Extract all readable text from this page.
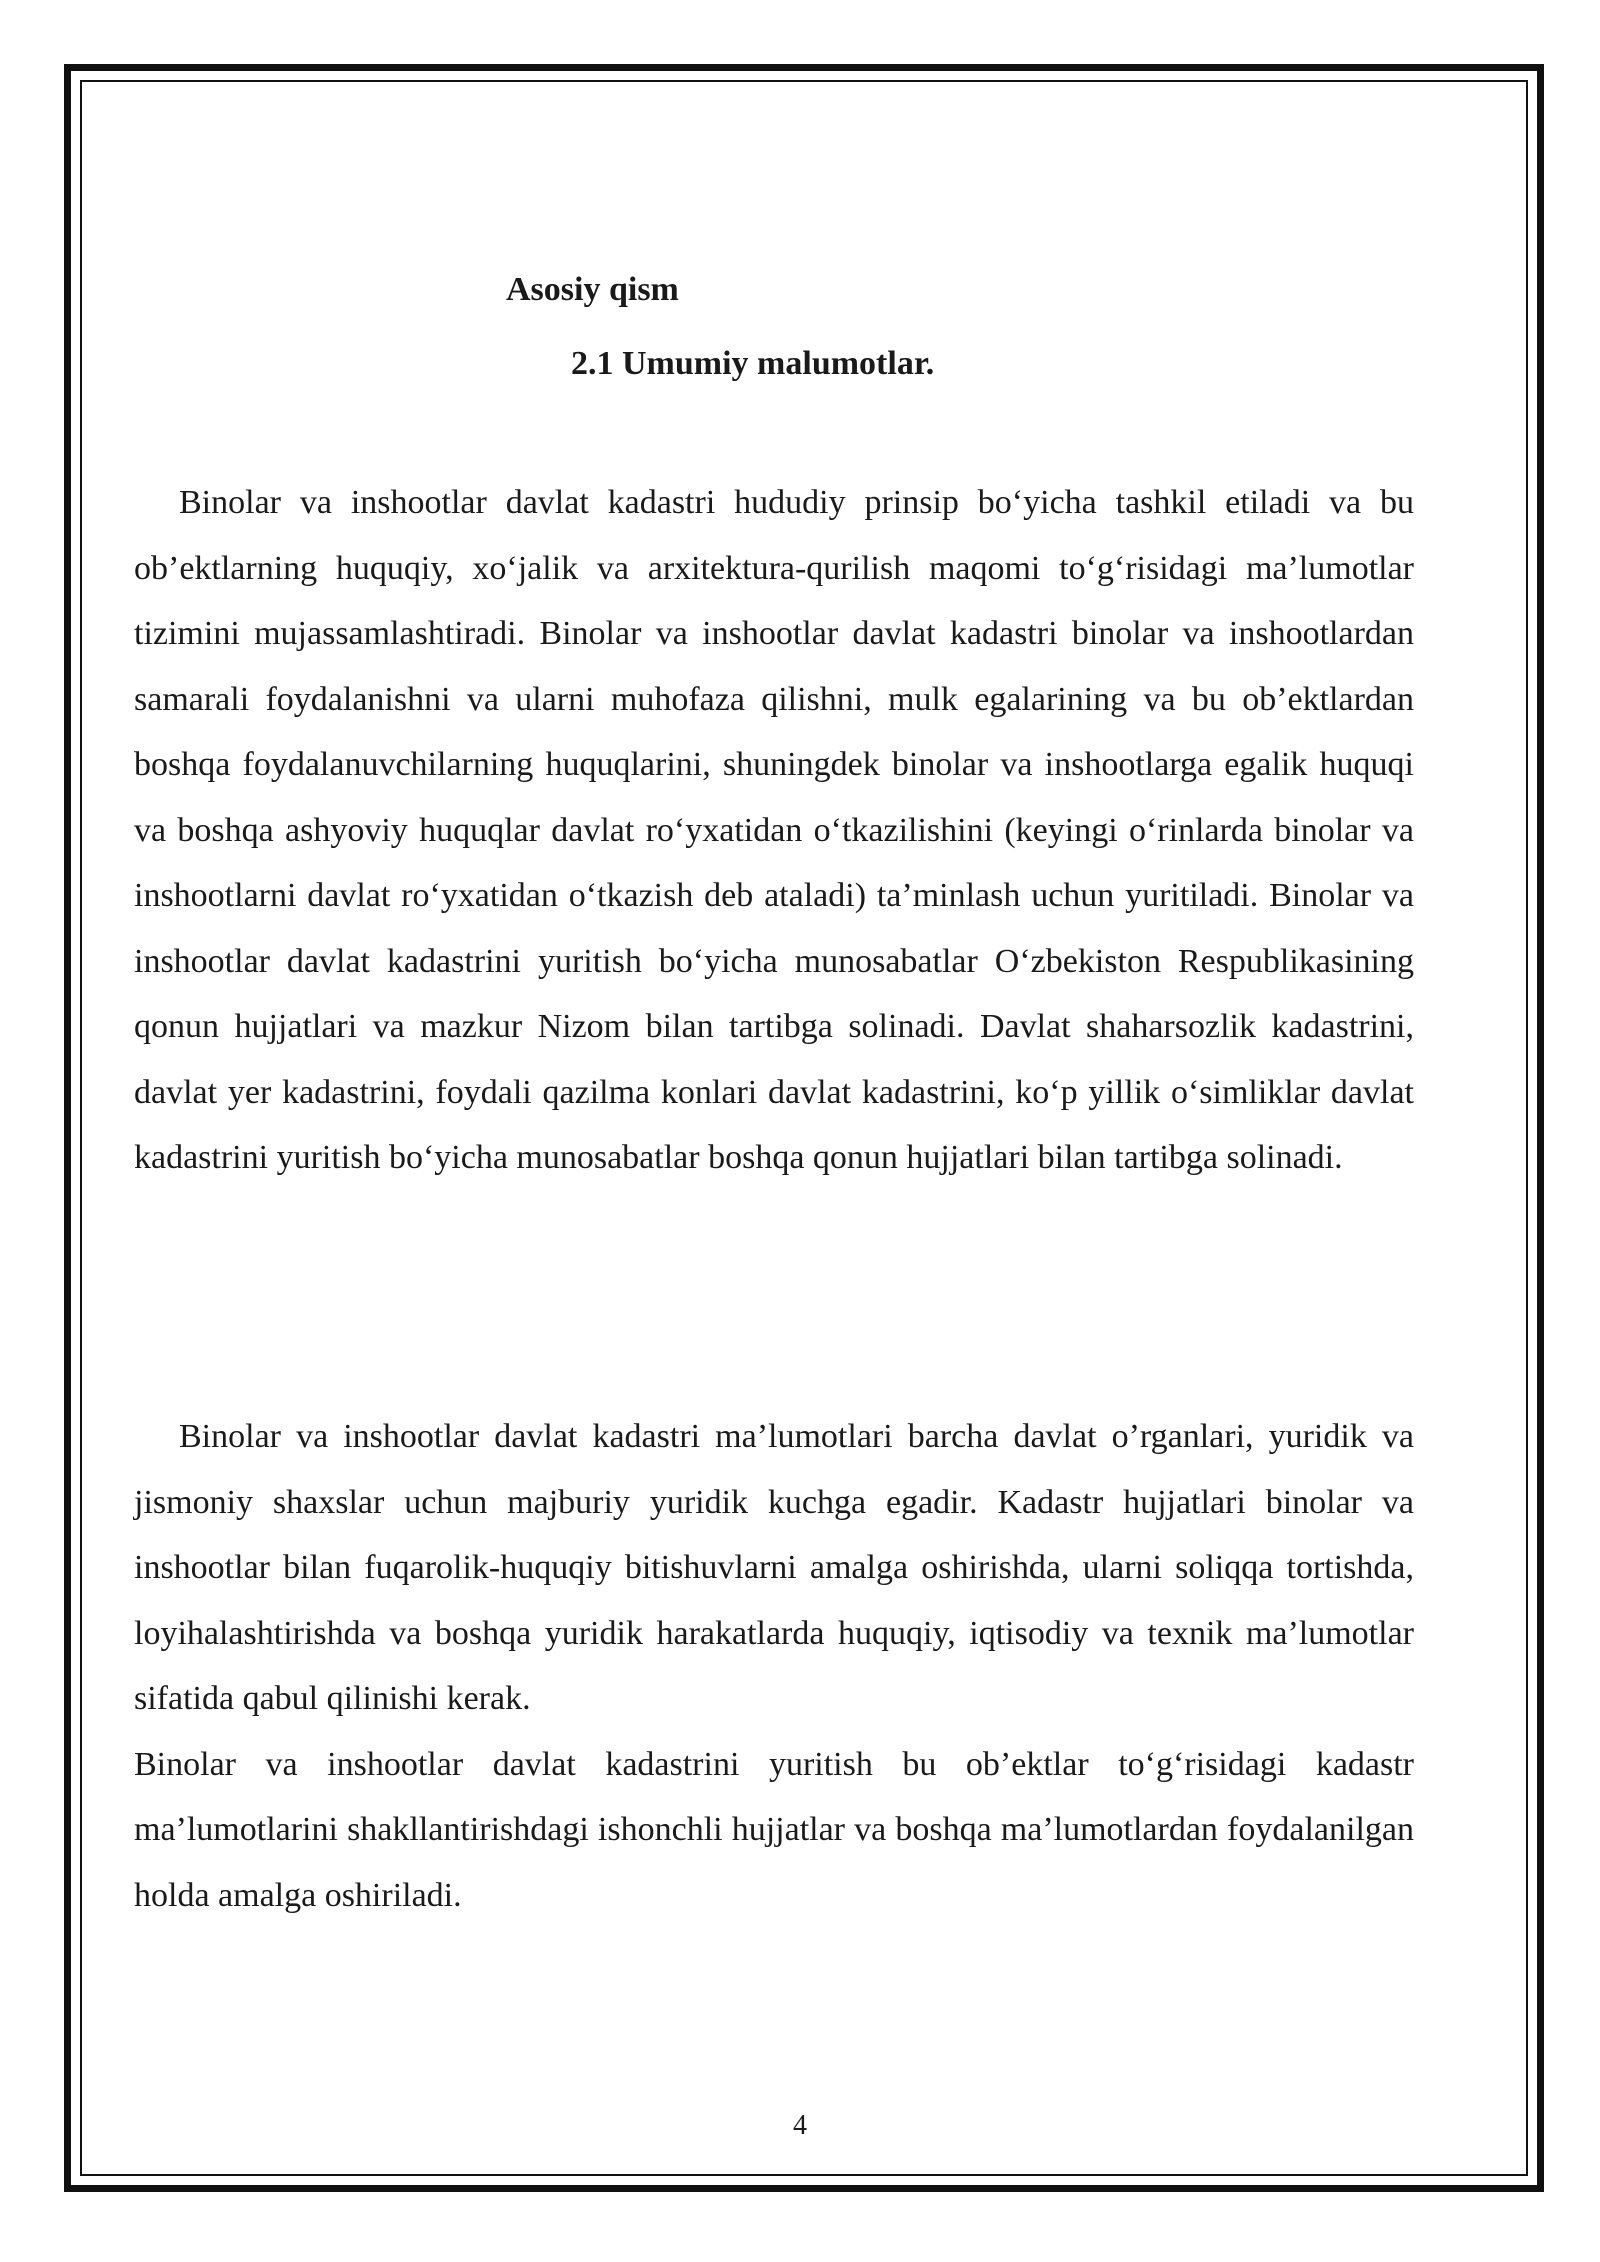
Asosiy qism
2.1 Umumiy malumotlar.

Binolar va inshootlar davlat kadastri hududiy prinsip bo‘yicha tashkil etiladi va bu ob’ektlarning huquqiy, xo‘jalik va arxitektura-qurilish maqomi to‘g‘risidagi ma’lumotlar tizimini mujassamlashtiradi. Binolar va inshootlar davlat kadastri binolar va inshootlardan samarali foydalanishni va ularni muhofaza qilishni, mulk egalarining va bu ob’ektlardan boshqa foydalanuvchilarning huquqlarini, shuningdek binolar va inshootlarga egalik huquqi va boshqa ashyoviy huquqlar davlat ro‘yxatidan o‘tkazilishini (keyingi o‘rinlarda binolar va inshootlarni davlat ro‘yxatidan o‘tkazish deb ataladi) ta’minlash uchun yuritiladi. Binolar va inshootlar davlat kadastrini yuritish bo‘yicha munosabatlar O‘zbekiston Respublikasining qonun hujjatlari va mazkur Nizom bilan tartibga solinadi. Davlat shaharsozlik kadastrini, davlat yer kadastrini, foydali qazilma konlari davlat kadastrini, ko‘p yillik o‘simliklar davlat kadastrini yuritish bo‘yicha munosabatlar boshqa qonun hujjatlari bilan tartibga solinadi.

Binolar va inshootlar davlat kadastri ma’lumotlari barcha davlat o’rganlari, yuridik va jismoniy shaxslar uchun majburiy yuridik kuchga egadir. Kadastr hujjatlari binolar va inshootlar bilan fuqarolik-huquqiy bitishuvlarni amalga oshirishda, ularni soliqqa tortishda, loyihalashtirishda va boshqa yuridik harakatlarda huquqiy, iqtisodiy va texnik ma’lumotlar sifatida qabul qilinishi kerak.
Binolar va inshootlar davlat kadastrini yuritish bu ob’ektlar to‘g‘risidagi kadastr ma’lumotlarini shakllantirishdagi ishonchli hujjatlar va boshqa ma’lumotlardan foydalanilgan holda amalga oshiriladi.

4
